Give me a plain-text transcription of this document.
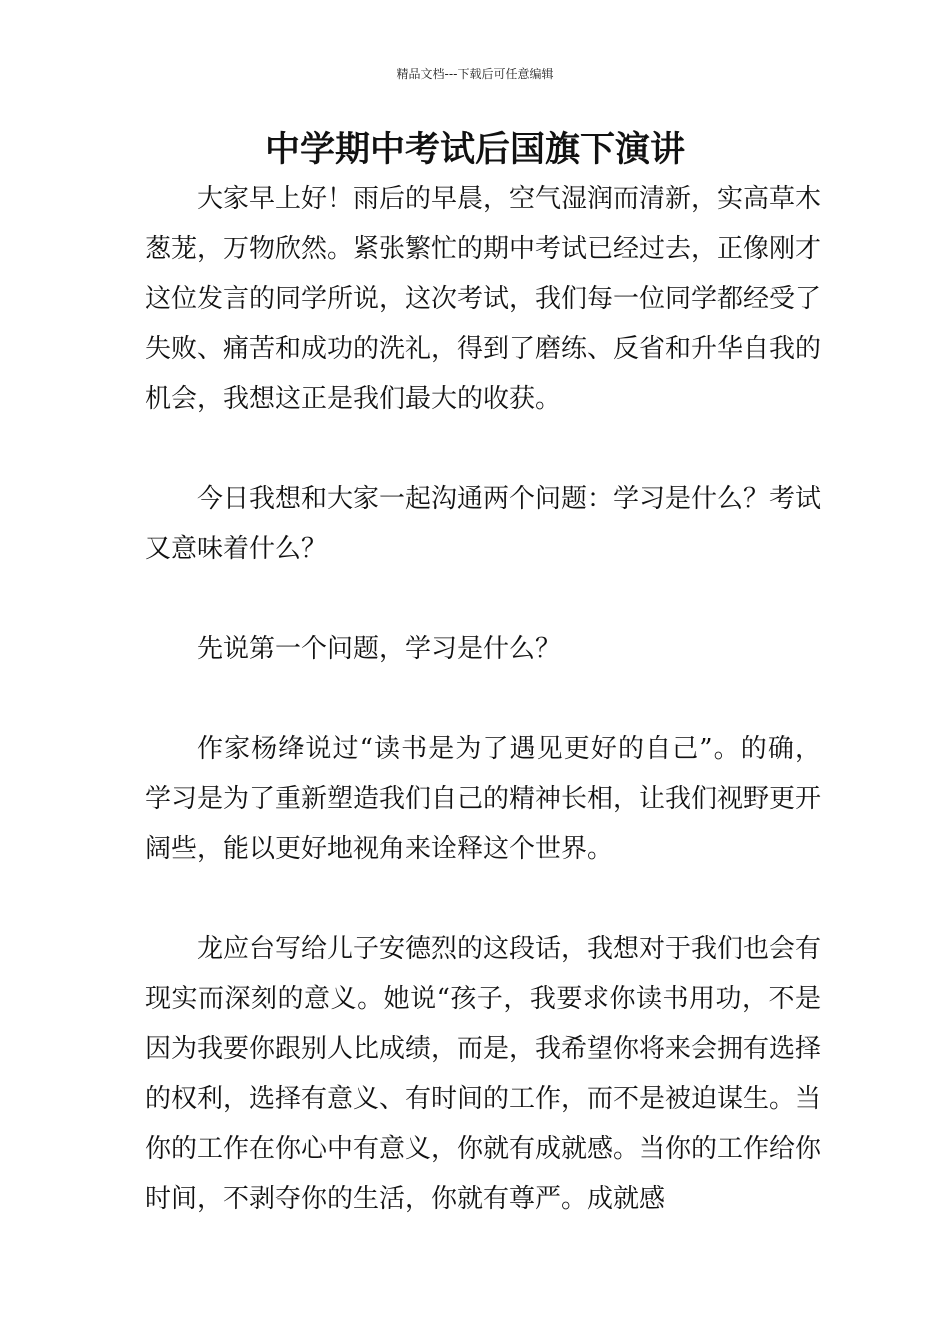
精品文档---下载后可任意编辑
中学期中考试后国旗下演讲

大家早上好！雨后的早晨，空气湿润而清新，实高草木葱茏，万物欣然。紧张繁忙的期中考试已经过去，正像刚才这位发言的同学所说，这次考试，我们每一位同学都经受了失败、痛苦和成功的洗礼，得到了磨练、反省和升华自我的机会，我想这正是我们最大的收获。

今日我想和大家一起沟通两个问题：学习是什么？考试又意味着什么？

先说第一个问题，学习是什么？

作家杨绛说过“读书是为了遇见更好的自己”。的确，学习是为了重新塑造我们自己的精神长相，让我们视野更开阔些，能以更好地视角来诠释这个世界。

龙应台写给儿子安德烈的这段话，我想对于我们也会有现实而深刻的意义。她说“孩子，我要求你读书用功，不是因为我要你跟别人比成绩，而是，我希望你将来会拥有选择的权利，选择有意义、有时间的工作，而不是被迫谋生。当你的工作在你心中有意义，你就有成就感。当你的工作给你时间，不剥夺你的生活，你就有尊严。成就感
